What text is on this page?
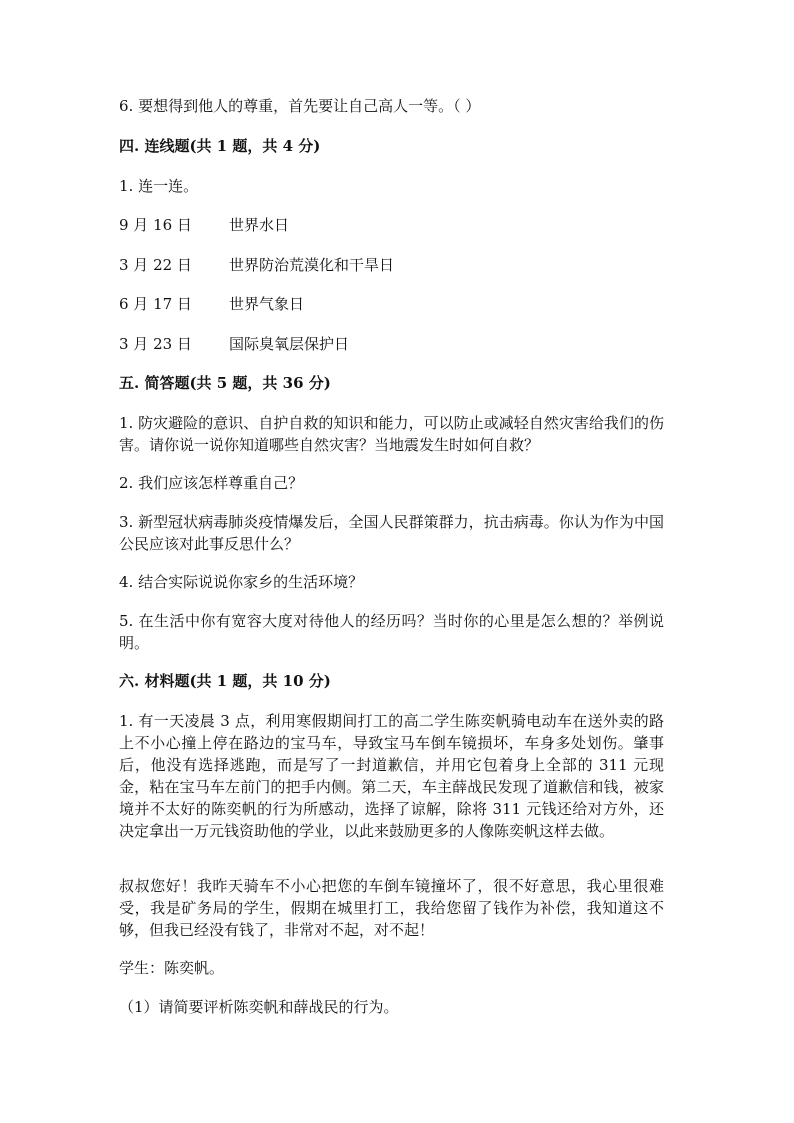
6. 要想得到他人的尊重，首先要让自己高人一等。（ ）

四. 连线题(共 1 题，共 4 分)

1. 连一连。

9 月 16 日	世界水日
3 月 22 日	世界防治荒漠化和干旱日
6 月 17 日	世界气象日
3 月 23 日	国际臭氧层保护日

五. 简答题(共 5 题，共 36 分)

1. 防灾避险的意识、自护自救的知识和能力，可以防止或减轻自然灾害给我们的伤害。请你说一说你知道哪些自然灾害？当地震发生时如何自救？

2. 我们应该怎样尊重自己？

3. 新型冠状病毒肺炎疫情爆发后，全国人民群策群力，抗击病毒。你认为作为中国公民应该对此事反思什么？

4. 结合实际说说你家乡的生活环境？

5. 在生活中你有宽容大度对待他人的经历吗？当时你的心里是怎么想的？举例说明。

六. 材料题(共 1 题，共 10 分)

1. 有一天凌晨 3 点，利用寒假期间打工的高二学生陈奕帆骑电动车在送外卖的路上不小心撞上停在路边的宝马车，导致宝马车倒车镜损坏，车身多处划伤。肇事后，他没有选择逃跑，而是写了一封道歉信，并用它包着身上全部的 311 元现金，粘在宝马车左前门的把手内侧。第二天，车主薛战民发现了道歉信和钱，被家境并不太好的陈奕帆的行为所感动，选择了谅解，除将 311 元钱还给对方外，还决定拿出一万元钱资助他的学业，以此来鼓励更多的人像陈奕帆这样去做。

叔叔您好！我昨天骑车不小心把您的车倒车镜撞坏了，很不好意思，我心里很难受，我是矿务局的学生，假期在城里打工，我给您留了钱作为补偿，我知道这不够，但我已经没有钱了，非常对不起，对不起！

学生：陈奕帆。

（1）请简要评析陈奕帆和薛战民的行为。
